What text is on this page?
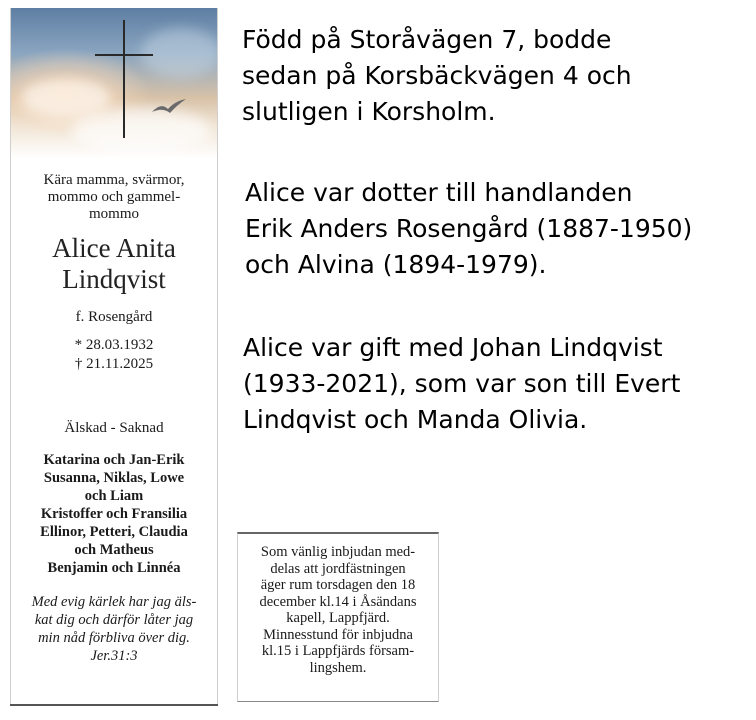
Kära mamma, svärmor,
mommo och gammel-
mommo
Alice Anita
Lindqvist
f. Rosengård
* 28.03.1932
† 21.11.2025
Älskad - Saknad
Katarina och Jan-Erik
Susanna, Niklas, Lowe
och Liam
Kristoffer och Fransilia
Ellinor, Petteri, Claudia
och Matheus
Benjamin och Linnéa
Med evig kärlek har jag äls-
kat dig och därför låter jag
min nåd förbliva över dig.
Jer.31:3
Som vänlig inbjudan med-
delas att jordfästningen
äger rum torsdagen den 18
december kl.14 i Åsändans
kapell, Lappfjärd.
Minnesstund för inbjudna
kl.15 i Lappfjärds försam-
lingshem.
Född på Storåvägen 7, bodde
sedan på Korsbäckvägen 4 och
slutligen i Korsholm.
Alice var dotter till handlanden
Erik Anders Rosengård (1887-1950)
och Alvina (1894-1979).
Alice var gift med Johan Lindqvist
(1933-2021), som var son till Evert
Lindqvist och Manda Olivia.
